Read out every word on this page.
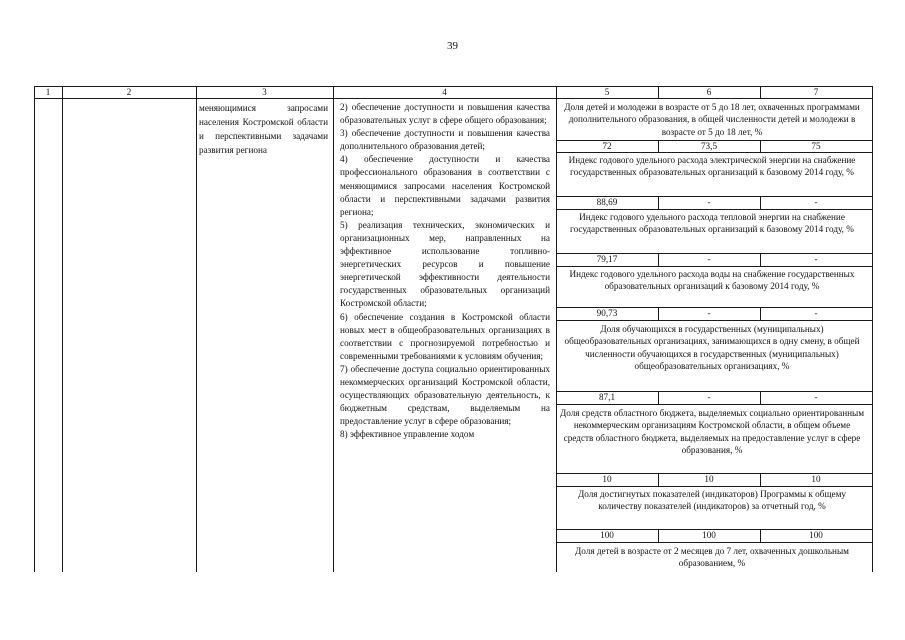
39
1	2	3	4	5	6	7

меняющимися запросами населения Костромской области и перспективными задачами развития региона

2) обеспечение доступности и повышения качества образовательных услуг в сфере общего образования;

3) обеспечение доступности и повышения качества дополнительного образования детей;

4) обеспечение доступности и качества профессионального образования в соответствии с меняющимися запросами населения Костромской области и перспективными задачами развития региона;

5) реализация технических, экономических и организационных мер, направленных на эффективное использование топливно-энергетических ресурсов и повышение энергетической эффективности деятельности государственных образовательных организаций Костромской области;

6) обеспечение создания в Костромской области новых мест в общеобразовательных организациях в соответствии с прогнозируемой потребностью и современными требованиями к условиям обучения;

7) обеспечение доступа социально ориентированных некоммерческих организаций Костромской области, осуществляющих образовательную деятельность, к бюджетным средствам, выделяемым на предоставление услуг в сфере образования;

8) эффективное управление ходом

Доля детей и молодежи в возрасте от 5 до 18 лет, охваченных программами дополнительного образования, в общей численности детей и молодежи в возрасте от 5 до 18 лет, %
72	73,5	75
Индекс годового удельного расхода электрической энергии на снабжение государственных образовательных организаций к базовому 2014 году, %
88,69	-	-
Индекс годового удельного расхода тепловой энергии на снабжение государственных образовательных организаций к базовому 2014 году, %
79,17	-	-
Индекс годового удельного расхода воды на снабжение государственных образовательных организаций к базовому 2014 году, %
90,73	-	-
Доля обучающихся в государственных (муниципальных) общеобразовательных организациях, занимающихся в одну смену, в общей численности обучающихся в государственных (муниципальных) общеобразовательных организациях, %
87,1	-	-
Доля средств областного бюджета, выделяемых социально ориентированным некоммерческим организациям Костромской области, в общем объеме средств областного бюджета, выделяемых на предоставление услуг в сфере образования, %
10	10	10
Доля достигнутых показателей (индикаторов) Программы к общему количеству показателей (индикаторов) за отчетный год, %
100	100	100
Доля детей в возрасте от 2 месяцев до 7 лет, охваченных дошкольным образованием, %
